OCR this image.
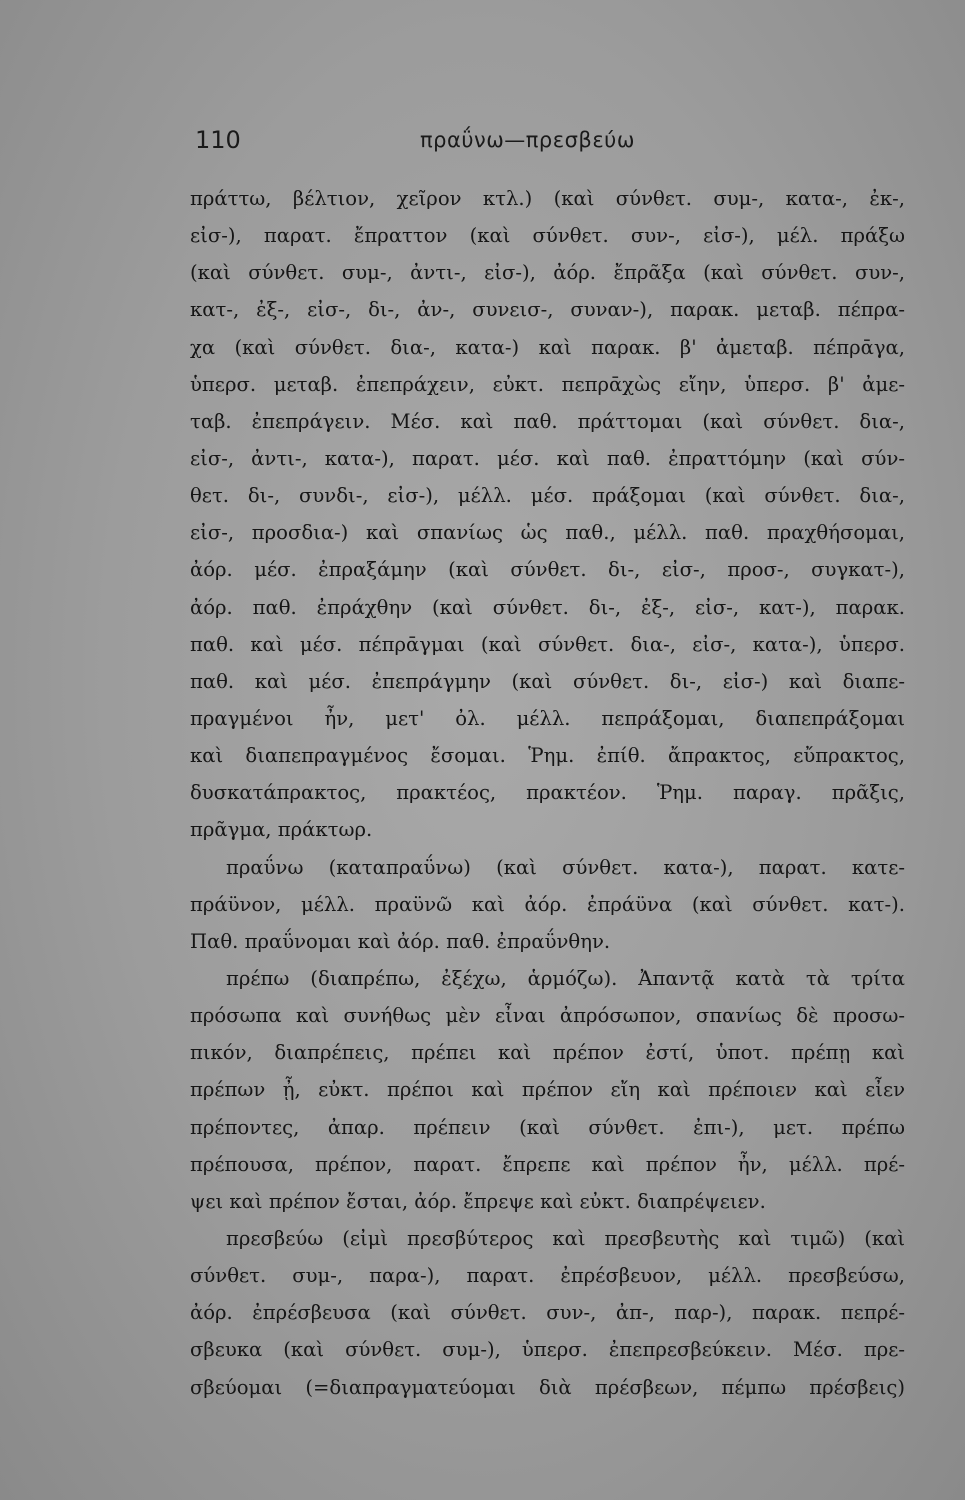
110	πραΰνω—πρεσβεύω
πράττω, βέλτιον, χεῖρον κτλ.) (καὶ σύνθετ. συμ-, κατα-, ἐκ-,
εἰσ-), παρατ. ἔπραττον (καὶ σύνθετ. συν-, εἰσ-), μέλ. πράξω
(καὶ σύνθετ. συμ-, ἀντι-, εἰσ-), ἀόρ. ἔπρᾶξα (καὶ σύνθετ. συν-,
κατ-, ἐξ-, εἰσ-, δι-, ἀν-, συνεισ-, συναν-), παρακ. μεταβ. πέπρα-
χα (καὶ σύνθετ. δια-, κατα-) καὶ παρακ. β' ἀμεταβ. πέπρᾱγα,
ὑπερσ. μεταβ. ἐπεπράχειν, εὐκτ. πεπρᾱχὼς εἴην, ὑπερσ. β' ἀμε-
ταβ. ἐπεπράγειν. Μέσ. καὶ παθ. πράττομαι (καὶ σύνθετ. δια-,
εἰσ-, ἀντι-, κατα-), παρατ. μέσ. καὶ παθ. ἐπραττόμην (καὶ σύν-
θετ. δι-, συνδι-, εἰσ-), μέλλ. μέσ. πράξομαι (καὶ σύνθετ. δια-,
εἰσ-, προσδια-) καὶ σπανίως ὡς παθ., μέλλ. παθ. πραχθήσομαι,
ἀόρ. μέσ. ἐπραξάμην (καὶ σύνθετ. δι-, εἰσ-, προσ-, συγκατ-),
ἀόρ. παθ. ἐπράχθην (καὶ σύνθετ. δι-, ἐξ-, εἰσ-, κατ-), παρακ.
παθ. καὶ μέσ. πέπρᾱγμαι (καὶ σύνθετ. δια-, εἰσ-, κατα-), ὑπερσ.
παθ. καὶ μέσ. ἐπεπράγμην (καὶ σύνθετ. δι-, εἰσ-) καὶ διαπε-
πραγμένοι ἦν, μετ' ὀλ. μέλλ. πεπράξομαι, διαπεπράξομαι
καὶ διαπεπραγμένος ἔσομαι. Ῥημ. ἐπίθ. ἄπρακτος, εὔπρακτος,
δυσκατάπρακτος, πρακτέος, πρακτέον. Ῥημ. παραγ. πρᾶξις,
πρᾶγμα, πράκτωρ.
πραΰνω (καταπραΰνω) (καὶ σύνθετ. κατα-), παρατ. κατε-
πράϋνον, μέλλ. πραϋνῶ καὶ ἀόρ. ἐπράϋνα (καὶ σύνθετ. κατ-).
Παθ. πραΰνομαι καὶ ἀόρ. παθ. ἐπραΰνθην.
πρέπω (διαπρέπω, ἐξέχω, ἁρμόζω). Ἀπαντᾷ κατὰ τὰ τρίτα
πρόσωπα καὶ συνήθως μὲν εἶναι ἀπρόσωπον, σπανίως δὲ προσω-
πικόν, διαπρέπεις, πρέπει καὶ πρέπον ἐστί, ὑποτ. πρέπῃ καὶ
πρέπων ᾖ, εὐκτ. πρέποι καὶ πρέπον εἴη καὶ πρέποιεν καὶ εἶεν
πρέποντες, ἀπαρ. πρέπειν (καὶ σύνθετ. ἐπι-), μετ. πρέπω
πρέπουσα, πρέπον, παρατ. ἔπρεπε καὶ πρέπον ἦν, μέλλ. πρέ-
ψει καὶ πρέπον ἔσται, ἀόρ. ἔπρεψε καὶ εὐκτ. διαπρέψειεν.
πρεσβεύω (εἰμὶ πρεσβύτερος καὶ πρεσβευτὴς καὶ τιμῶ) (καὶ
σύνθετ. συμ-, παρα-), παρατ. ἐπρέσβευον, μέλλ. πρεσβεύσω,
ἀόρ. ἐπρέσβευσα (καὶ σύνθετ. συν-, ἀπ-, παρ-), παρακ. πεπρέ-
σβευκα (καὶ σύνθετ. συμ-), ὑπερσ. ἐπεπρεσβεύκειν. Μέσ. πρε-
σβεύομαι (=διαπραγματεύομαι διὰ πρέσβεων, πέμπω πρέσβεις)
